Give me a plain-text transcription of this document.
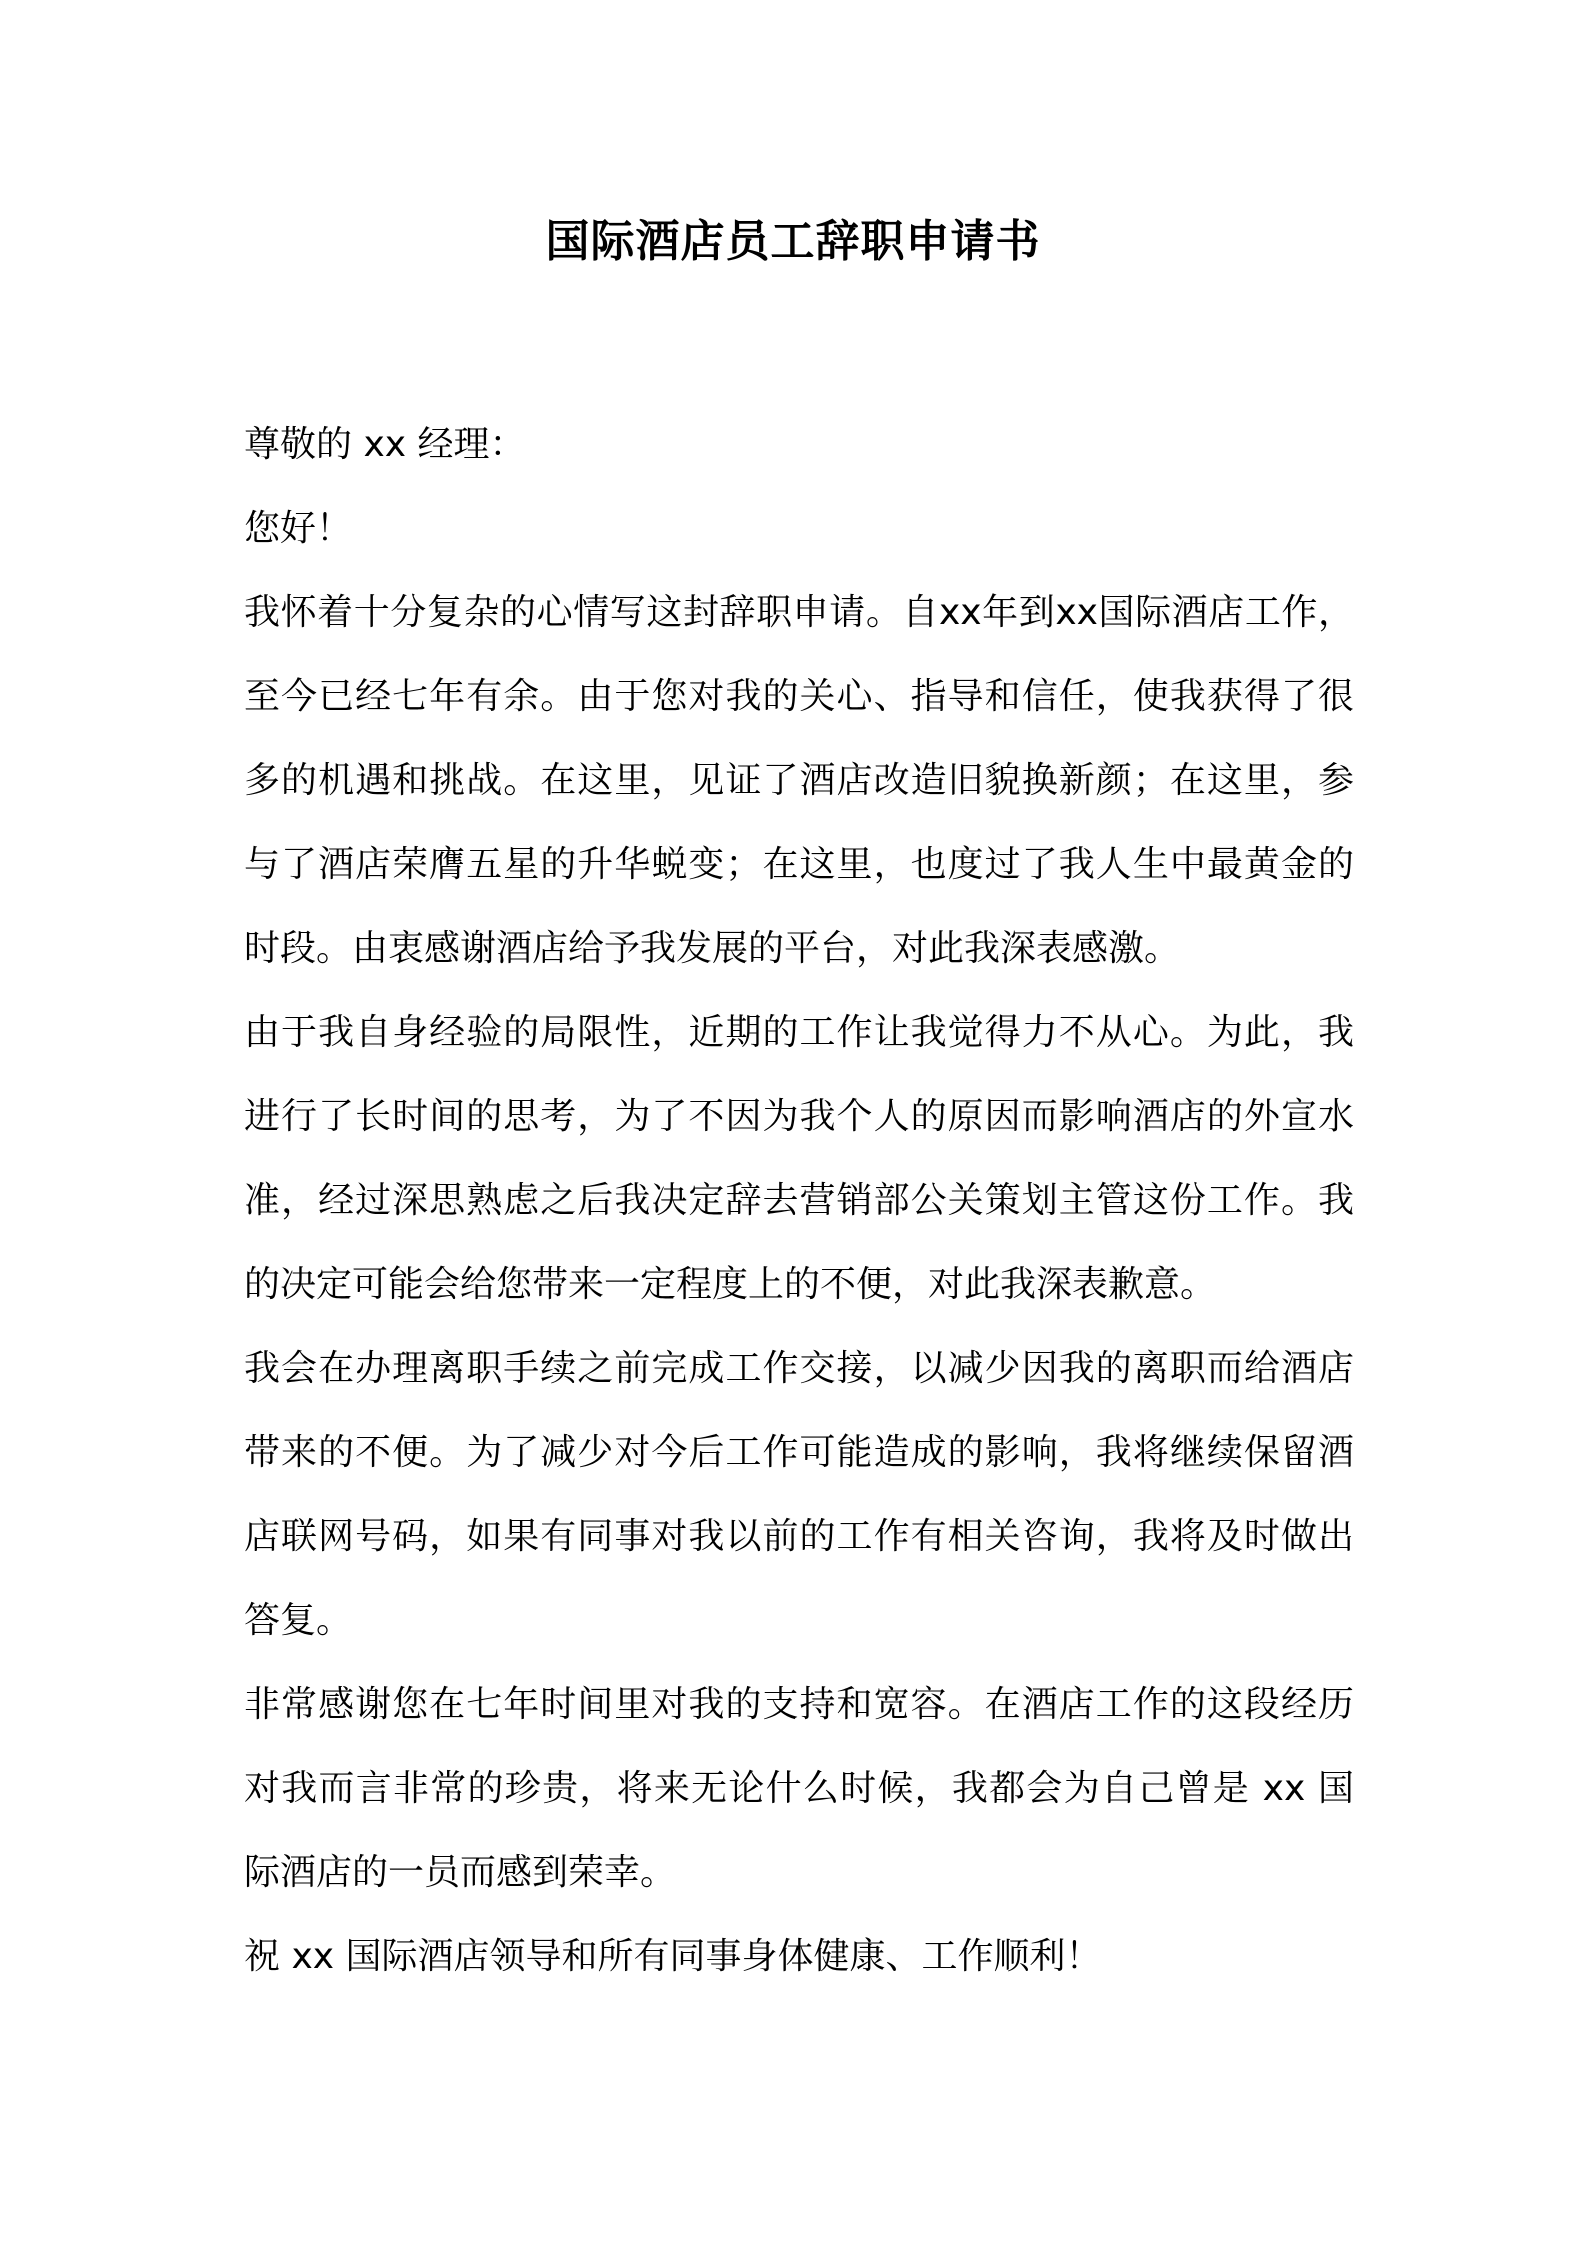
国际酒店员工辞职申请书
尊敬的 xx 经理：
您好！
我怀着十分复杂的心情写这封辞职申请。自xx年到xx国际酒店工作，
至今已经七年有余。由于您对我的关心、指导和信任，使我获得了很
多的机遇和挑战。在这里，见证了酒店改造旧貌换新颜；在这里，参
与了酒店荣膺五星的升华蜕变；在这里，也度过了我人生中最黄金的
时段。由衷感谢酒店给予我发展的平台，对此我深表感激。
由于我自身经验的局限性，近期的工作让我觉得力不从心。为此，我
进行了长时间的思考，为了不因为我个人的原因而影响酒店的外宣水
准，经过深思熟虑之后我决定辞去营销部公关策划主管这份工作。我
的决定可能会给您带来一定程度上的不便，对此我深表歉意。
我会在办理离职手续之前完成工作交接，以减少因我的离职而给酒店
带来的不便。为了减少对今后工作可能造成的影响，我将继续保留酒
店联网号码，如果有同事对我以前的工作有相关咨询，我将及时做出
答复。
非常感谢您在七年时间里对我的支持和宽容。在酒店工作的这段经历
对我而言非常的珍贵，将来无论什么时候，我都会为自己曾是 xx 国
际酒店的一员而感到荣幸。
祝 xx 国际酒店领导和所有同事身体健康、工作顺利！
